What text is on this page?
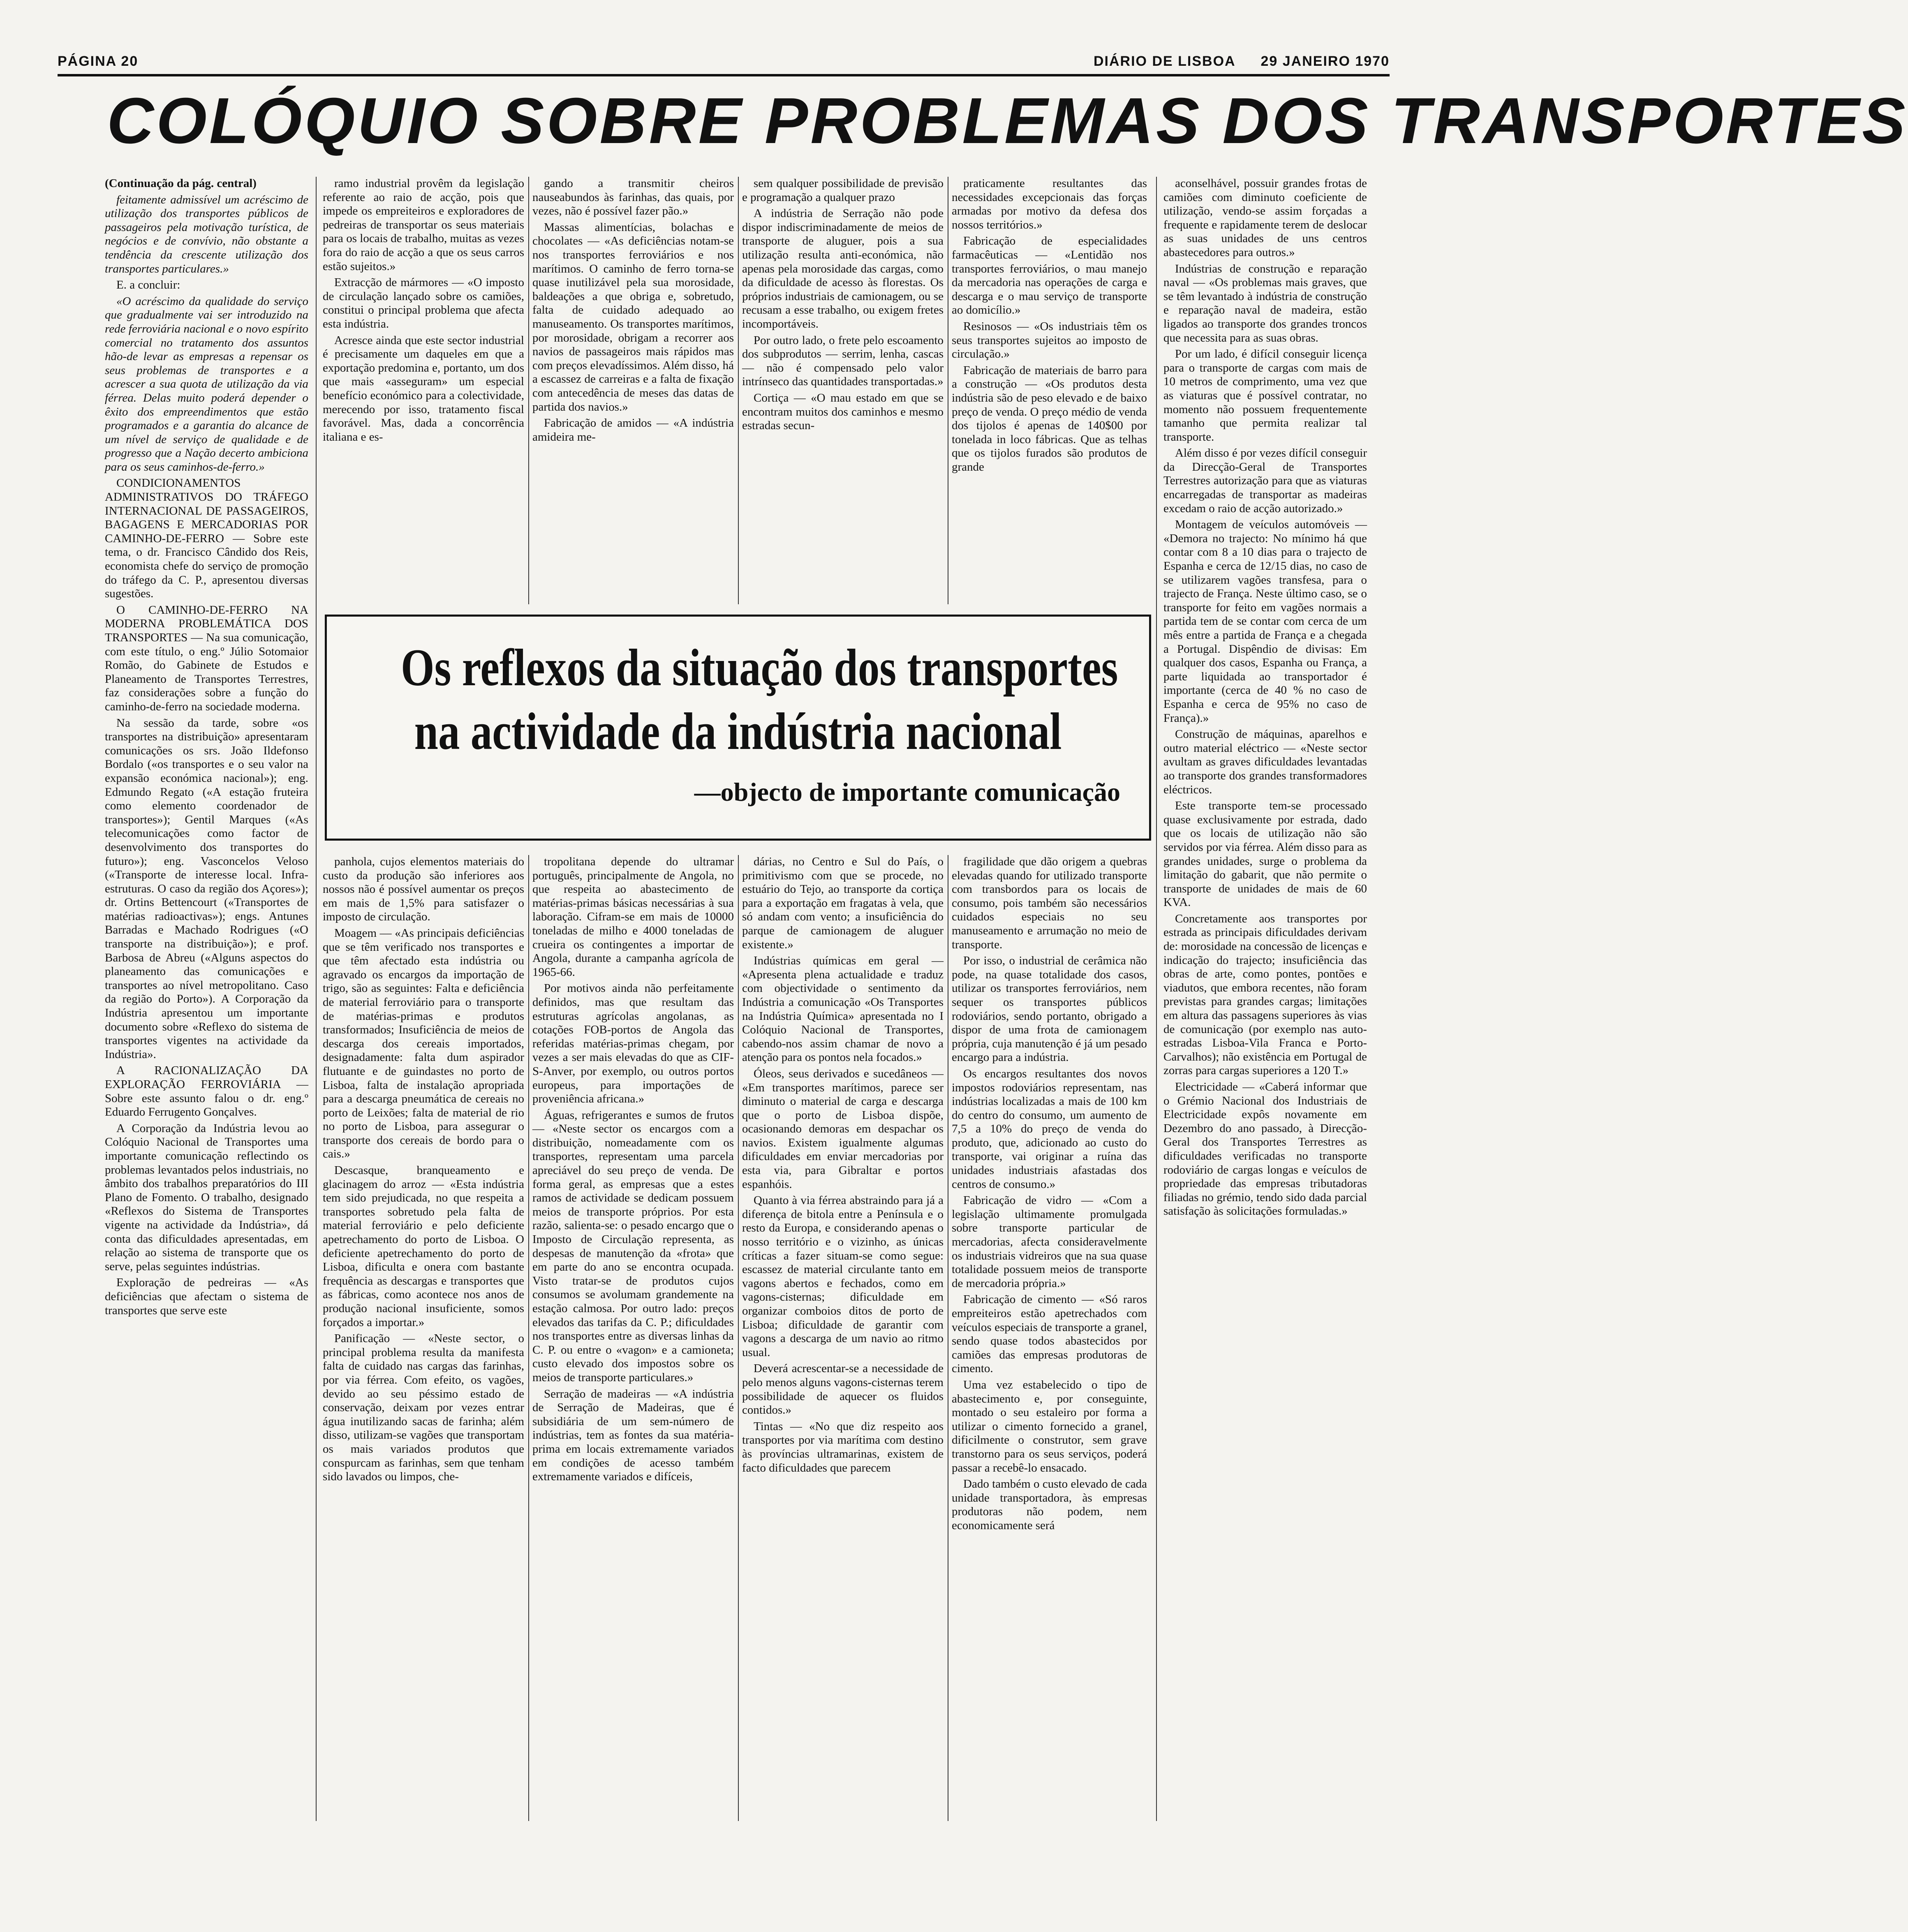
PÁGINA 20	DIÁRIO DE LISBOA 29 JANEIRO 1970
COLÓQUIO SOBRE PROBLEMAS DOS TRANSPORTES

(Continuação da pág. central)

feitamente admissível um acréscimo de utilização dos transportes públicos de passageiros pela motivação turística, de negócios e de convívio, não obstante a tendência da crescente utilização dos transportes particulares.»

E. a concluir:

«O acréscimo da qualidade do serviço que gradualmente vai ser introduzido na rede ferroviária nacional e o novo espírito comercial no tratamento dos assuntos hão-de levar as empresas a repensar os seus problemas de transportes e a acrescer a sua quota de utilização da via férrea. Delas muito poderá depender o êxito dos empreendimentos que estão programados e a garantia do alcance de um nível de serviço de qualidade e de progresso que a Nação decerto ambiciona para os seus caminhos-de-ferro.»

CONDICIONAMENTOS ADMINISTRATIVOS DO TRÁFEGO INTERNACIONAL DE PASSAGEIROS, BAGAGENS E MERCADORIAS POR CAMINHO-DE-FERRO — Sobre este tema, o dr. Francisco Cândido dos Reis, economista chefe do serviço de promoção do tráfego da C. P., apresentou diversas sugestões.

O CAMINHO-DE-FERRO NA MODERNA PROBLEMÁTICA DOS TRANSPORTES — Na sua comunicação, com este título, o eng.º Júlio Sotomaior Romão, do Gabinete de Estudos e Planeamento de Transportes Terrestres, faz considerações sobre a função do caminho-de-ferro na sociedade moderna.

Na sessão da tarde, sobre «os transportes na distribuição» apresentaram comunicações os srs. João Ildefonso Bordalo («os transportes e o seu valor na expansão económica nacional»); eng. Edmundo Regato («A estação fruteira como elemento coordenador de transportes»); Gentil Marques («As telecomunicações como factor de desenvolvimento dos transportes do futuro»); eng. Vasconcelos Veloso («Transporte de interesse local. Infra-estruturas. O caso da região dos Açores»); dr. Ortins Bettencourt («Transportes de matérias radioactivas»); engs. Antunes Barradas e Machado Rodrigues («O transporte na distribuição»); e prof. Barbosa de Abreu («Alguns aspectos do planeamento das comunicações e transportes ao nível metropolitano. Caso da região do Porto»). A Corporação da Indústria apresentou um importante documento sobre «Reflexo do sistema de transportes vigentes na actividade da Indústria».

A RACIONALIZAÇÃO DA EXPLORAÇÃO FERROVIÁRIA — Sobre este assunto falou o dr. eng.º Eduardo Ferrugento Gonçalves.

A Corporação da Indústria levou ao Colóquio Nacional de Transportes uma importante comunicação reflectindo os problemas levantados pelos industriais, no âmbito dos trabalhos preparatórios do III Plano de Fomento. O trabalho, designado «Reflexos do Sistema de Transportes vigente na actividade da Indústria», dá conta das dificuldades apresentadas, em relação ao sistema de transporte que os serve, pelas seguintes indústrias.

Exploração de pedreiras — «As deficiências que afectam o sistema de transportes que serve este

ramo industrial provêm da legislação referente ao raio de acção, pois que impede os empreiteiros e exploradores de pedreiras de transportar os seus materiais para os locais de trabalho, muitas as vezes fora do raio de acção a que os seus carros estão sujeitos.»

Extracção de mármores — «O imposto de circulação lançado sobre os camiões, constitui o principal problema que afecta esta indústria.

Acresce ainda que este sector industrial é precisamente um daqueles em que a exportação predomina e, portanto, um dos que mais «asseguram» um especial benefício económico para a colectividade, merecendo por isso, tratamento fiscal favorável. Mas, dada a concorrência italiana e es-

gando a transmitir cheiros nauseabundos às farinhas, das quais, por vezes, não é possível fazer pão.»

Massas alimentícias, bolachas e chocolates — «As deficiências notam-se nos transportes ferroviários e nos marítimos. O caminho de ferro torna-se quase inutilizável pela sua morosidade, baldeações a que obriga e, sobretudo, falta de cuidado adequado ao manuseamento. Os transportes marítimos, por morosidade, obrigam a recorrer aos navios de passageiros mais rápidos mas com preços elevadíssimos. Além disso, há a escassez de carreiras e a falta de fixação com antecedência de meses das datas de partida dos navios.»

Fabricação de amidos — «A indústria amideira me-

sem qualquer possibilidade de previsão e programação a qualquer prazo

A indústria de Serração não pode dispor indiscriminadamente de meios de transporte de aluguer, pois a sua utilização resulta anti-económica, não apenas pela morosidade das cargas, como da dificuldade de acesso às florestas. Os próprios industriais de camionagem, ou se recusam a esse trabalho, ou exigem fretes incomportáveis.

Por outro lado, o frete pelo escoamento dos subprodutos — serrim, lenha, cascas — não é compensado pelo valor intrínseco das quantidades transportadas.»

Cortiça — «O mau estado em que se encontram muitos dos caminhos e mesmo estradas secun-

praticamente resultantes das necessidades excepcionais das forças armadas por motivo da defesa dos nossos territórios.»

Fabricação de especialidades farmacêuticas — «Lentidão nos transportes ferroviários, o mau manejo da mercadoria nas operações de carga e descarga e o mau serviço de transporte ao domicílio.»

Resinosos — «Os industriais têm os seus transportes sujeitos ao imposto de circulação.»

Fabricação de materiais de barro para a construção — «Os produtos desta indústria são de peso elevado e de baixo preço de venda. O preço médio de venda dos tijolos é apenas de 140$00 por tonelada in loco fábricas. Que as telhas que os tijolos furados são produtos de grande

aconselhável, possuir grandes frotas de camiões com diminuto coeficiente de utilização, vendo-se assim forçadas a frequente e rapidamente terem de deslocar as suas unidades de uns centros abastecedores para outros.»

Indústrias de construção e reparação naval — «Os problemas mais graves, que se têm levantado à indústria de construção e reparação naval de madeira, estão ligados ao transporte dos grandes troncos que necessita para as suas obras.

Por um lado, é difícil conseguir licença para o transporte de cargas com mais de 10 metros de comprimento, uma vez que as viaturas que é possível contratar, no momento não possuem frequentemente tamanho que permita realizar tal transporte.

Além disso é por vezes difícil conseguir da Direcção-Geral de Transportes Terrestres autorização para que as viaturas encarregadas de transportar as madeiras excedam o raio de acção autorizado.»

Montagem de veículos automóveis — «Demora no trajecto: No mínimo há que contar com 8 a 10 dias para o trajecto de Espanha e cerca de 12/15 dias, no caso de se utilizarem vagões transfesa, para o trajecto de França. Neste último caso, se o transporte for feito em vagões normais a partida tem de se contar com cerca de um mês entre a partida de França e a chegada a Portugal. Dispêndio de divisas: Em qualquer dos casos, Espanha ou França, a parte liquidada ao transportador é importante (cerca de 40 % no caso de Espanha e cerca de 95% no caso de França).»

Construção de máquinas, aparelhos e outro material eléctrico — «Neste sector avultam as graves dificuldades levantadas ao transporte dos grandes transformadores eléctricos.

Este transporte tem-se processado quase exclusivamente por estrada, dado que os locais de utilização não são servidos por via férrea. Além disso para as grandes unidades, surge o problema da limitação do gabarit, que não permite o transporte de unidades de mais de 60 KVA.

Concretamente aos transportes por estrada as principais dificuldades derivam de: morosidade na concessão de licenças e indicação do trajecto; insuficiência das obras de arte, como pontes, pontões e viadutos, que embora recentes, não foram previstas para grandes cargas; limitações em altura das passagens superiores às vias de comunicação (por exemplo nas auto-estradas Lisboa-Vila Franca e Porto-Carvalhos); não existência em Portugal de zorras para cargas superiores a 120 T.»

Electricidade — «Caberá informar que o Grémio Nacional dos Industriais de Electricidade expôs novamente em Dezembro do ano passado, à Direcção-Geral dos Transportes Terrestres as dificuldades verificadas no transporte rodoviário de cargas longas e veículos de propriedade das empresas tributadoras filiadas no grémio, tendo sido dada parcial satisfação às solicitações formuladas.»

Os reflexos da situação dos transportes
na actividade da indústria nacional
—objecto de importante comunicação

panhola, cujos elementos materiais do custo da produção são inferiores aos nossos não é possível aumentar os preços em mais de 1,5% para satisfazer o imposto de circulação.

Moagem — «As principais deficiências que se têm verificado nos transportes e que têm afectado esta indústria ou agravado os encargos da importação de trigo, são as seguintes: Falta e deficiência de material ferroviário para o transporte de matérias-primas e produtos transformados; Insuficiência de meios de descarga dos cereais importados, designadamente: falta dum aspirador flutuante e de guindastes no porto de Lisboa, falta de instalação apropriada para a descarga pneumática de cereais no porto de Leixões; falta de material de rio no porto de Lisboa, para assegurar o transporte dos cereais de bordo para o cais.»

Descasque, branqueamento e glacinagem do arroz — «Esta indústria tem sido prejudicada, no que respeita a transportes sobretudo pela falta de material ferroviário e pelo deficiente apetrechamento do porto de Lisboa. O deficiente apetrechamento do porto de Lisboa, dificulta e onera com bastante frequência as descargas e transportes que as fábricas, como acontece nos anos de produção nacional insuficiente, somos forçados a importar.»

Panificação — «Neste sector, o principal problema resulta da manifesta falta de cuidado nas cargas das farinhas, por via férrea. Com efeito, os vagões, devido ao seu péssimo estado de conservação, deixam por vezes entrar água inutilizando sacas de farinha; além disso, utilizam-se vagões que transportam os mais variados produtos que conspurcam as farinhas, sem que tenham sido lavados ou limpos, che-

tropolitana depende do ultramar português, principalmente de Angola, no que respeita ao abastecimento de matérias-primas básicas necessárias à sua laboração. Cifram-se em mais de 10000 toneladas de milho e 4000 toneladas de crueira os contingentes a importar de Angola, durante a campanha agrícola de 1965-66.

Por motivos ainda não perfeitamente definidos, mas que resultam das estruturas agrícolas angolanas, as cotações FOB-portos de Angola das referidas matérias-primas chegam, por vezes a ser mais elevadas do que as CIF-S-Anver, por exemplo, ou outros portos europeus, para importações de proveniência africana.»

Águas, refrigerantes e sumos de frutos — «Neste sector os encargos com a distribuição, nomeadamente com os transportes, representam uma parcela apreciável do seu preço de venda. De forma geral, as empresas que a estes ramos de actividade se dedicam possuem meios de transporte próprios. Por esta razão, salienta-se: o pesado encargo que o Imposto de Circulação representa, as despesas de manutenção da «frota» que em parte do ano se encontra ocupada. Visto tratar-se de produtos cujos consumos se avolumam grandemente na estação calmosa. Por outro lado: preços elevados das tarifas da C. P.; dificuldades nos transportes entre as diversas linhas da C. P. ou entre o «vagon» e a camioneta; custo elevado dos impostos sobre os meios de transporte particulares.»

Serração de madeiras — «A indústria de Serração de Madeiras, que é subsidiária de um sem-número de indústrias, tem as fontes da sua matéria-prima em locais extremamente variados em condições de acesso também extremamente variados e difíceis,

dárias, no Centro e Sul do País, o primitivismo com que se procede, no estuário do Tejo, ao transporte da cortiça para a exportação em fragatas à vela, que só andam com vento; a insuficiência do parque de camionagem de aluguer existente.»

Indústrias químicas em geral — «Apresenta plena actualidade e traduz com objectividade o sentimento da Indústria a comunicação «Os Transportes na Indústria Química» apresentada no I Colóquio Nacional de Transportes, cabendo-nos assim chamar de novo a atenção para os pontos nela focados.»

Óleos, seus derivados e sucedâneos — «Em transportes marítimos, parece ser diminuto o material de carga e descarga que o porto de Lisboa dispõe, ocasionando demoras em despachar os navios. Existem igualmente algumas dificuldades em enviar mercadorias por esta via, para Gibraltar e portos espanhóis.

Quanto à via férrea abstraindo para já a diferença de bitola entre a Península e o resto da Europa, e considerando apenas o nosso território e o vizinho, as únicas críticas a fazer situam-se como segue: escassez de material circulante tanto em vagons abertos e fechados, como em vagons-cisternas; dificuldade em organizar comboios ditos de porto de Lisboa; dificuldade de garantir com vagons a descarga de um navio ao ritmo usual.

Deverá acrescentar-se a necessidade de pelo menos alguns vagons-cisternas terem possibilidade de aquecer os fluidos contidos.»

Tintas — «No que diz respeito aos transportes por via marítima com destino às províncias ultramarinas, existem de facto dificuldades que parecem

fragilidade que dão origem a quebras elevadas quando for utilizado transporte com transbordos para os locais de consumo, pois também são necessários cuidados especiais no seu manuseamento e arrumação no meio de transporte.

Por isso, o industrial de cerâmica não pode, na quase totalidade dos casos, utilizar os transportes ferroviários, nem sequer os transportes públicos rodoviários, sendo portanto, obrigado a dispor de uma frota de camionagem própria, cuja manutenção é já um pesado encargo para a indústria.

Os encargos resultantes dos novos impostos rodoviários representam, nas indústrias localizadas a mais de 100 km do centro do consumo, um aumento de 7,5 a 10% do preço de venda do produto, que, adicionado ao custo do transporte, vai originar a ruína das unidades industriais afastadas dos centros de consumo.»

Fabricação de vidro — «Com a legislação ultimamente promulgada sobre transporte particular de mercadorias, afecta consideravelmente os industriais vidreiros que na sua quase totalidade possuem meios de transporte de mercadoria própria.»

Fabricação de cimento — «Só raros empreiteiros estão apetrechados com veículos especiais de transporte a granel, sendo quase todos abastecidos por camiões das empresas produtoras de cimento.

Uma vez estabelecido o tipo de abastecimento e, por conseguinte, montado o seu estaleiro por forma a utilizar o cimento fornecido a granel, dificilmente o construtor, sem grave transtorno para os seus serviços, poderá passar a recebê-lo ensacado.

Dado também o custo elevado de cada unidade transportadora, às empresas produtoras não podem, nem economicamente será
